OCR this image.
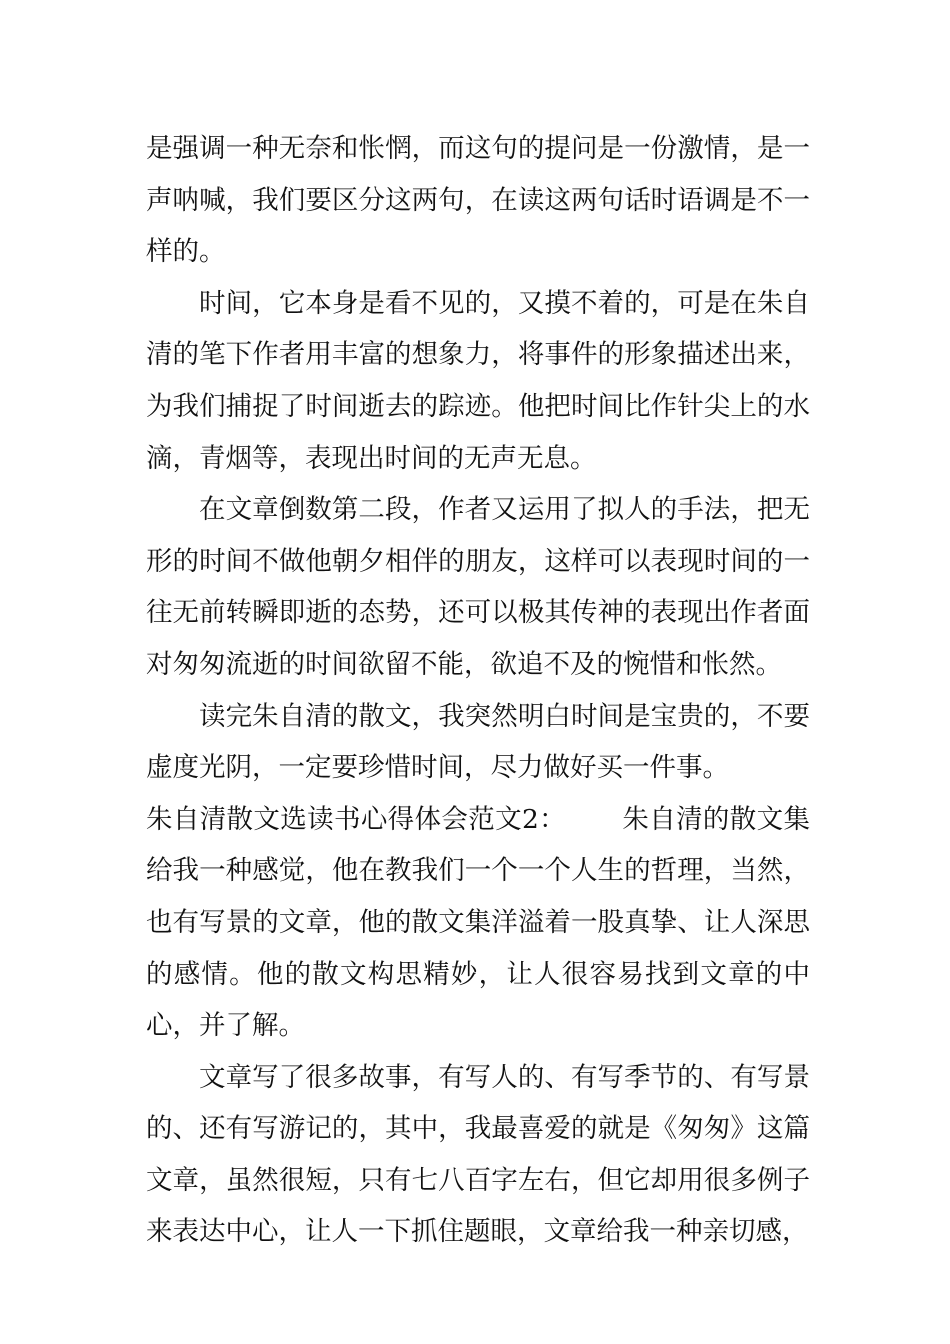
是强调一种无奈和怅惘，而这句的提问是一份激情，是一声呐喊，我们要区分这两句，在读这两句话时语调是不一样的。

时间，它本身是看不见的，又摸不着的，可是在朱自清的笔下作者用丰富的想象力，将事件的形象描述出来，为我们捕捉了时间逝去的踪迹。他把时间比作针尖上的水滴，青烟等，表现出时间的无声无息。

在文章倒数第二段，作者又运用了拟人的手法，把无形的时间不做他朝夕相伴的朋友，这样可以表现时间的一往无前转瞬即逝的态势，还可以极其传神的表现出作者面对匆匆流逝的时间欲留不能，欲追不及的惋惜和怅然。

读完朱自清的散文，我突然明白时间是宝贵的，不要虚度光阴，一定要珍惜时间，尽力做好买一件事。

朱自清散文选读书心得体会范文2： 朱自清的散文集给我一种感觉，他在教我们一个一个人生的哲理，当然，也有写景的文章，他的散文集洋溢着一股真挚、让人深思的感情。他的散文构思精妙，让人很容易找到文章的中心，并了解。

文章写了很多故事，有写人的、有写季节的、有写景的、还有写游记的，其中，我最喜爱的就是《匆匆》这篇文章，虽然很短，只有七八百字左右，但它却用很多例子来表达中心，让人一下抓住题眼，文章给我一种亲切感，
